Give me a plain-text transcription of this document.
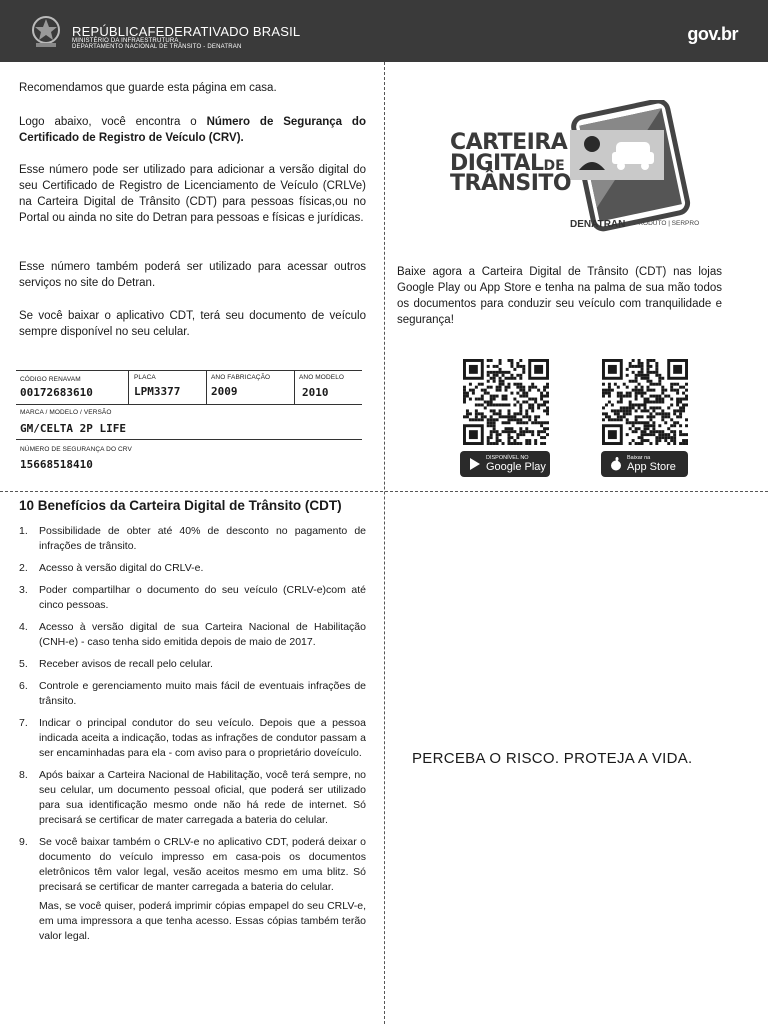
REPÚBLICAFEDERATIVADO BRASIL
MINISTÉRIO DA INFRAESTRUTURA
DEPARTAMENTO NACIONAL DE TRÂNSITO - DENATRAN
gov.br
Recomendamos que guarde esta página em casa.
Logo abaixo, você encontra o Número de Segurança do Certificado de Registro de Veículo (CRV).
Esse número pode ser utilizado para adicionar a versão digital do seu Certificado de Registro de Licenciamento de Veículo (CRLVe) na Carteira Digital de Trânsito (CDT) para pessoas físicas,ou no Portal ou ainda no site do Detran para pessoas e físicas e jurídicas.
Esse número também poderá ser utilizado para acessar outros serviços no site do Detran.
Se você baixar o aplicativo CDT, terá seu documento de veículo sempre disponível no seu celular.
CÓDIGO RENAVAM
00172683610
PLACA
LPM3377
ANO FABRICAÇÃO
2009
ANO MODELO
2010
MARCA / MODELO / VERSÃO
GM/CELTA 2P LIFE
NÚMERO DE SEGURANÇA DO CRV
15668518410
10 Benefícios da Carteira Digital de Trânsito (CDT)
1. Possibilidade de obter até 40% de desconto no pagamento de infrações de trânsito.
2. Acesso à versão digital do CRLV-e.
3. Poder compartilhar o documento do seu veículo (CRLV-e)com até cinco pessoas.
4. Acesso à versão digital de sua Carteira Nacional de Habilitação (CNH-e) - caso tenha sido emitida depois de maio de 2017.
5. Receber avisos de recall pelo celular.
6. Controle e gerenciamento muito mais fácil de eventuais infrações de trânsito.
7. Indicar o principal condutor do seu veículo. Depois que a pessoa indicada aceita a indicação, todas as infrações de condutor passam a ser encaminhadas para ela - com aviso para o proprietário doveículo.
8. Após baixar a Carteira Nacional de Habilitação, você terá sempre, no seu celular, um documento pessoal oficial, que poderá ser utilizado para sua identificação mesmo onde não há rede de internet. Só precisará se certificar de mater carregada a bateria do celular.
9. Se você baixar também o CRLV-e no aplicativo CDT, poderá deixar o documento do veículo impresso em casa-pois os documentos eletrônicos têm valor legal, vesão aceitos mesmo em uma blitz. Só precisará se certificar de manter carregada a bateria do celular.
Mas, se você quiser, poderá imprimir cópias empapel do seu CRLV-e, em uma impressora a que tenha acesso. Essas cópias também terão valor legal.
CARTEIRA
DIGITALDE
TRÂNSITO
DENATRAN PRODUTO | SERPRO
Baixe agora a Carteira Digital de Trânsito (CDT) nas lojas Google Play ou App Store e tenha na palma de sua mão todos os documentos para conduzir seu veículo com tranquilidade e segurança!
DISPONÍVEL NO
Google Play
Baixar na
App Store
PERCEBA O RISCO. PROTEJA A VIDA.
